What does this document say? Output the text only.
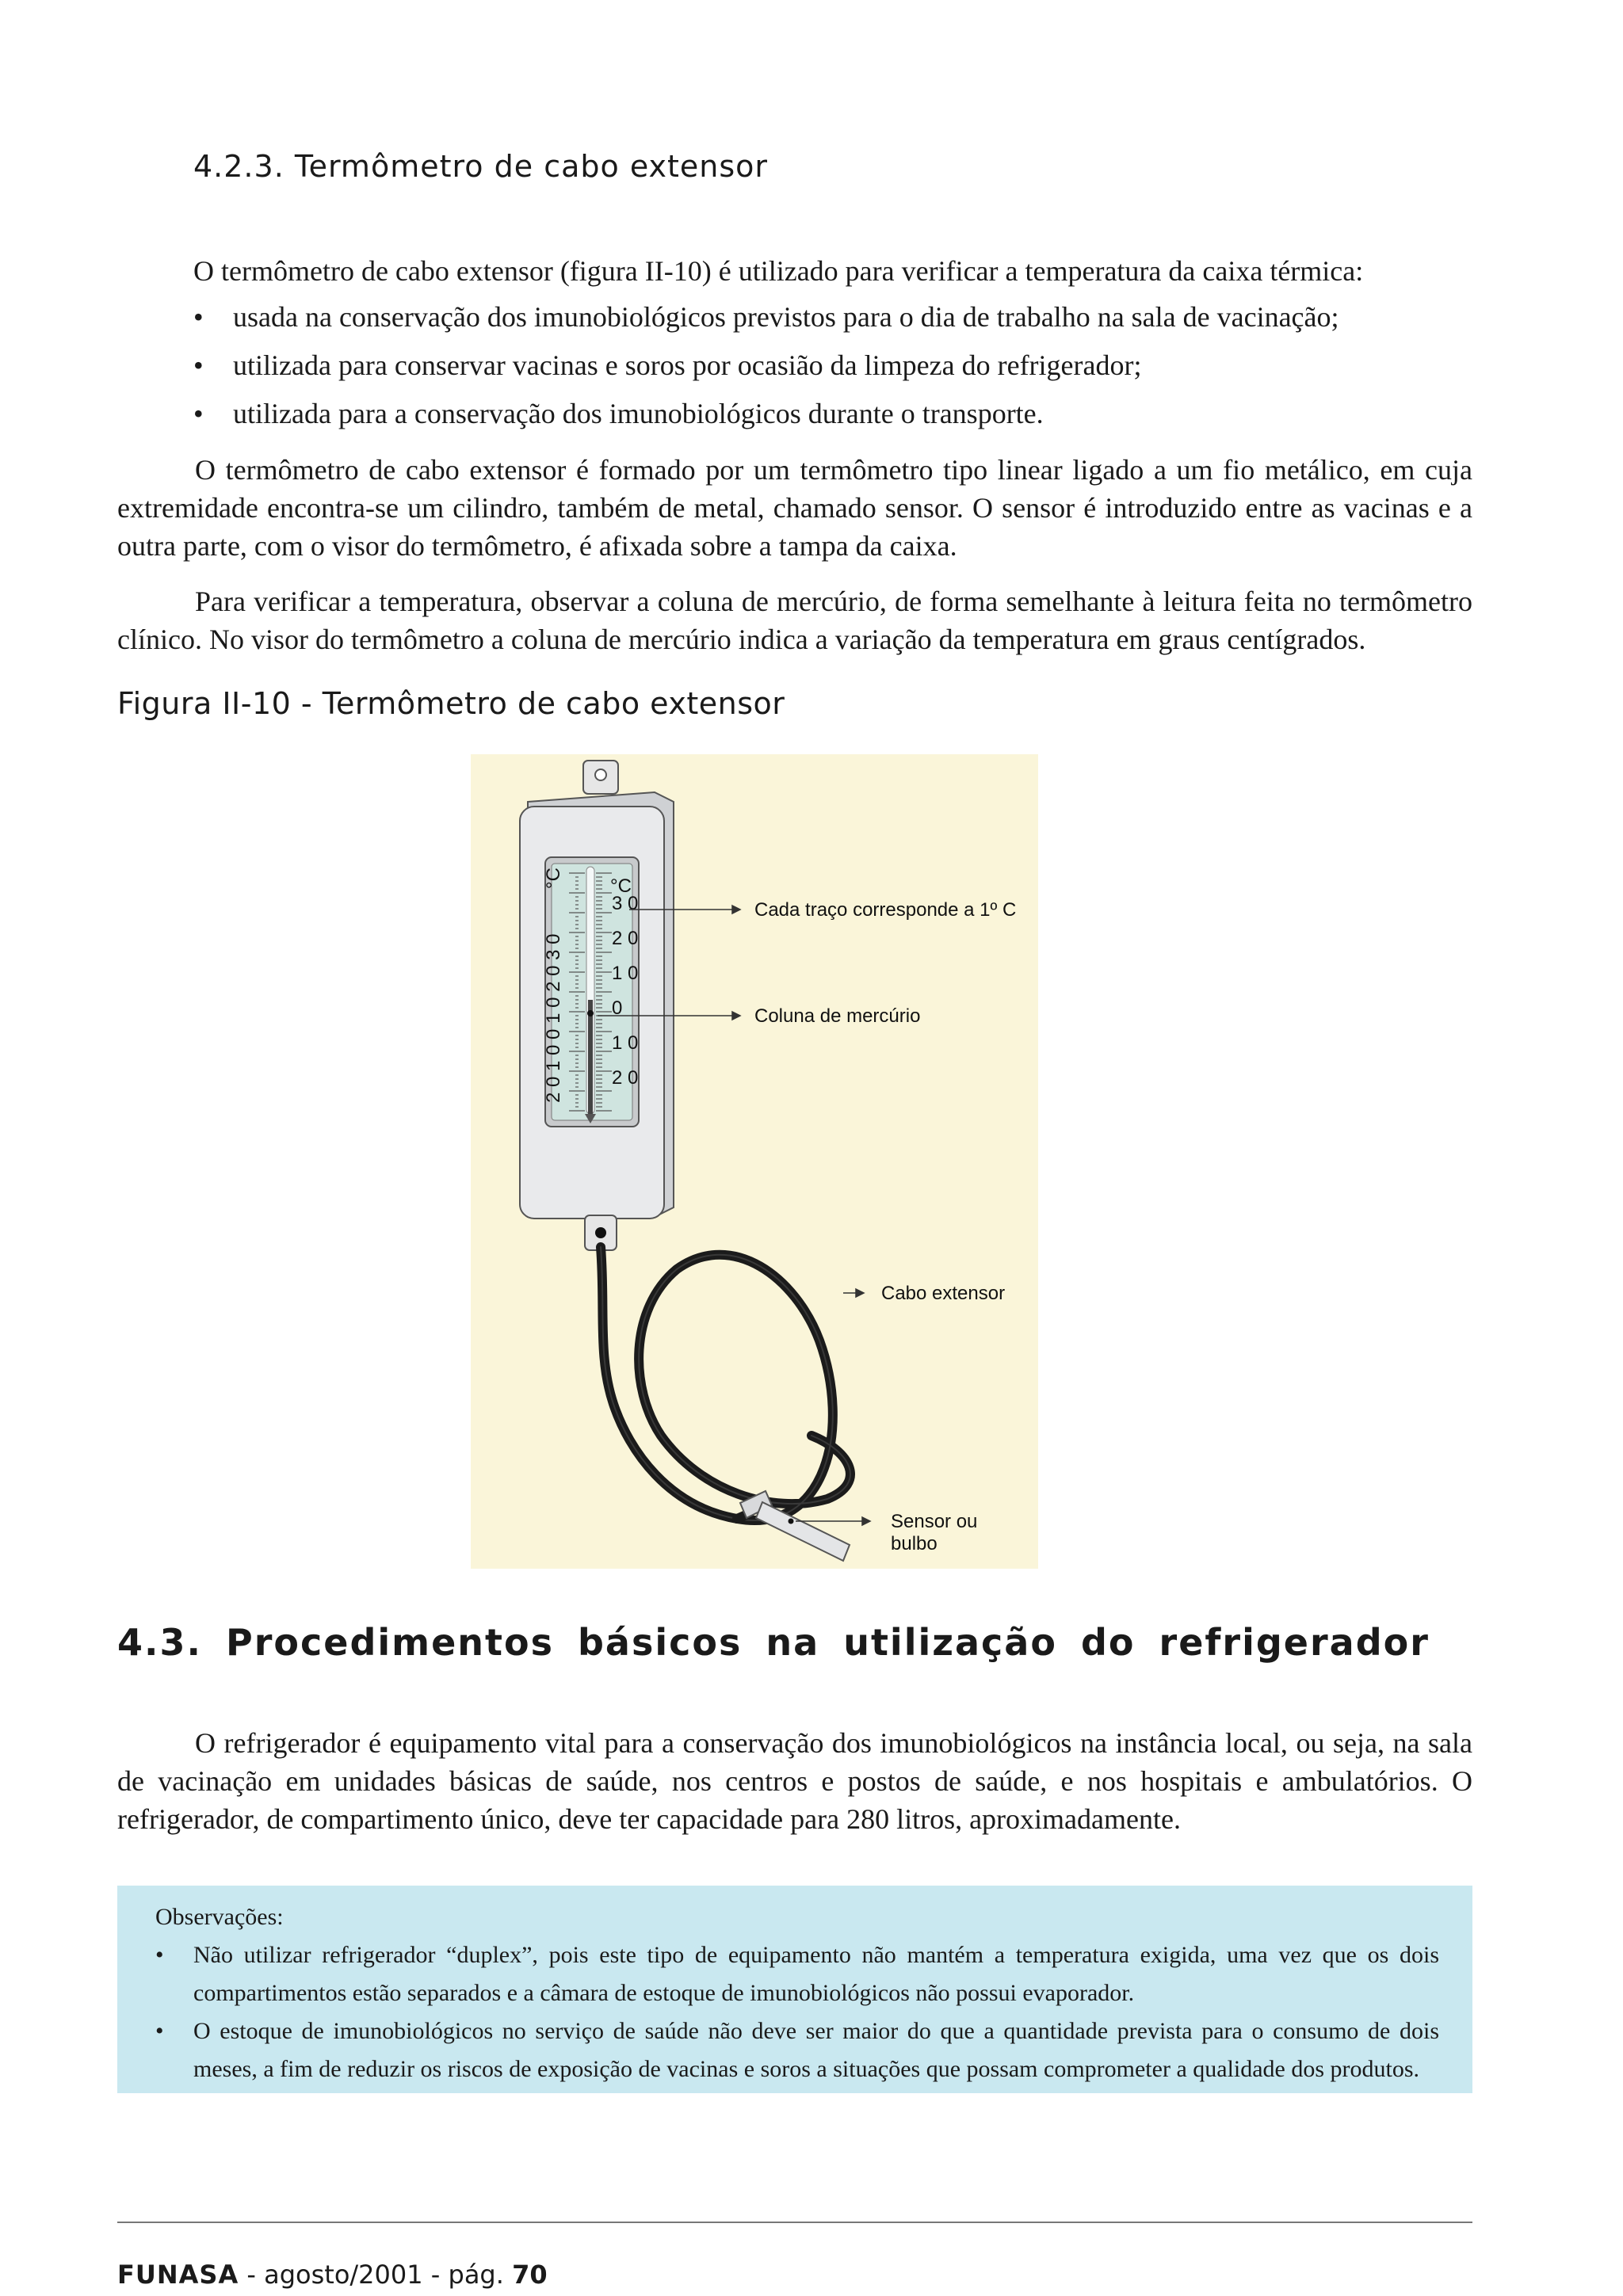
4.2.3. Termômetro de cabo extensor
O termômetro de cabo extensor (figura II-10) é utilizado para verificar a temperatura da caixa térmica:
• usada na conservação dos imunobiológicos previstos para o dia de trabalho na sala de vacinação;
• utilizada para conservar vacinas e soros por ocasião da limpeza do refrigerador;
• utilizada para a conservação dos imunobiológicos durante o transporte.
O termômetro de cabo extensor é formado por um termômetro tipo linear ligado a um fio metálico, em cuja extremidade encontra-se um cilindro, também de metal, chamado sensor. O sensor é introduzido entre as vacinas e a outra parte, com o visor do termômetro, é afixada sobre a tampa da caixa.
Para verificar a temperatura, observar a coluna de mercúrio, de forma semelhante à leitura feita no termômetro clínico. No visor do termômetro a coluna de mercúrio indica a variação da temperatura em graus centígrados.
Figura II-10 - Termômetro de cabo extensor
°C
2 0 1 0 0 1 0 2 0 3 0
°C
3 0
2 0
1 0
0
1 0
2 0
Cada traço corresponde a 1º C
Coluna de mercúrio
Cabo extensor
Sensor ou
bulbo
4.3. Procedimentos básicos na utilização do refrigerador
O refrigerador é equipamento vital para a conservação dos imunobiológicos na instância local, ou seja, na sala de vacinação em unidades básicas de saúde, nos centros e postos de saúde, e nos hospitais e ambulatórios. O refrigerador, de compartimento único, deve ter capacidade para 280 litros, aproximadamente.
Observações:
• Não utilizar refrigerador “duplex”, pois este tipo de equipamento não mantém a temperatura exigida, uma vez que os dois compartimentos estão separados e a câmara de estoque de imunobiológicos não possui evaporador.
• O estoque de imunobiológicos no serviço de saúde não deve ser maior do que a quantidade prevista para o consumo de dois meses, a fim de reduzir os riscos de exposição de vacinas e soros a situações que possam comprometer a qualidade dos produtos.
FUNASA - agosto/2001 - pág. 70
